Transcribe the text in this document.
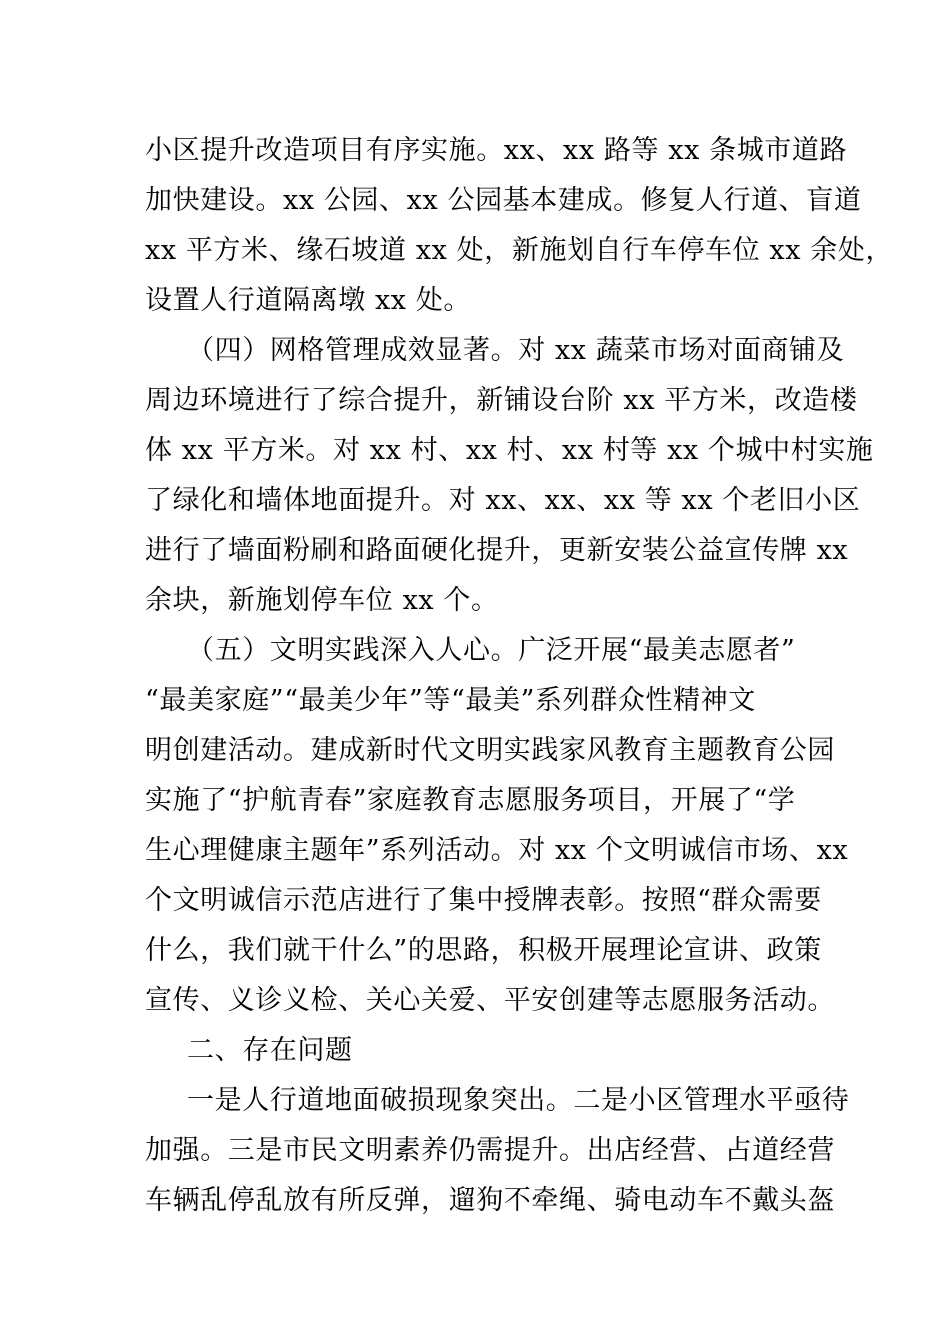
小区提升改造项目有序实施。xx、xx 路等 xx 条城市道路
加快建设。xx 公园、xx 公园基本建成。修复人行道、盲道
xx 平方米、缘石坡道 xx 处，新施划自行车停车位 xx 余处，
设置人行道隔离墩 xx 处。
（四）网格管理成效显著。对 xx 蔬菜市场对面商铺及
周边环境进行了综合提升，新铺设台阶 xx 平方米，改造楼
体 xx 平方米。对 xx 村、xx 村、xx 村等 xx 个城中村实施
了绿化和墙体地面提升。对 xx、xx、xx 等 xx 个老旧小区
进行了墙面粉刷和路面硬化提升，更新安装公益宣传牌 xx
余块，新施划停车位 xx 个。
（五）文明实践深入人心。广泛开展“最美志愿者”
“最美家庭”“最美少年”等“最美”系列群众性精神文
明创建活动。建成新时代文明实践家风教育主题教育公园
实施了“护航青春”家庭教育志愿服务项目，开展了“学
生心理健康主题年”系列活动。对 xx 个文明诚信市场、xx
个文明诚信示范店进行了集中授牌表彰。按照“群众需要
什么，我们就干什么”的思路，积极开展理论宣讲、政策
宣传、义诊义检、关心关爱、平安创建等志愿服务活动。
二、存在问题
一是人行道地面破损现象突出。二是小区管理水平亟待
加强。三是市民文明素养仍需提升。出店经营、占道经营
车辆乱停乱放有所反弹，遛狗不牵绳、骑电动车不戴头盔
